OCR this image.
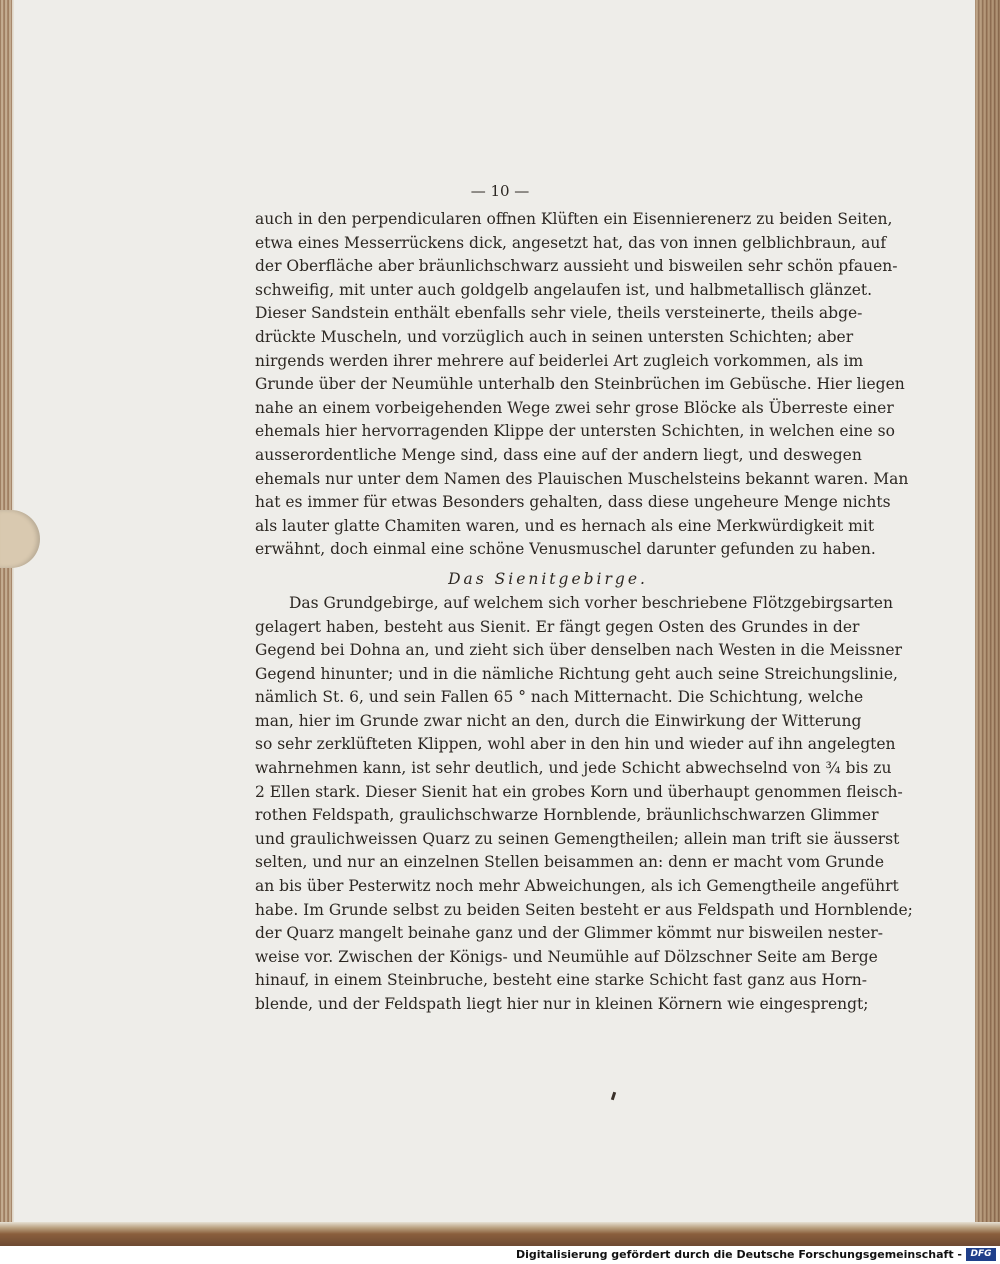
— 10 —
auch in den perpendicularen offnen Klüften ein Eisennierenerz zu beiden Seiten,
etwa eines Messerrückens dick, angesetzt hat, das von innen gelblichbraun, auf
der Oberfläche aber bräunlichschwarz aussieht und bisweilen sehr schön pfauen-
schweifig, mit unter auch goldgelb angelaufen ist, und halbmetallisch glänzet.
Dieser Sandstein enthält ebenfalls sehr viele, theils versteinerte, theils abge-
drückte Muscheln, und vorzüglich auch in seinen untersten Schichten; aber
nirgends werden ihrer mehrere auf beiderlei Art zugleich vorkommen, als im
Grunde über der Neumühle unterhalb den Steinbrüchen im Gebüsche. Hier liegen
nahe an einem vorbeigehenden Wege zwei sehr grose Blöcke als Überreste einer
ehemals hier hervorragenden Klippe der untersten Schichten, in welchen eine so
ausserordentliche Menge sind, dass eine auf der andern liegt, und deswegen
ehemals nur unter dem Namen des Plauischen Muschelsteins bekannt waren. Man
hat es immer für etwas Besonders gehalten, dass diese ungeheure Menge nichts
als lauter glatte Chamiten waren, und es hernach als eine Merkwürdigkeit mit
erwähnt, doch einmal eine schöne Venusmuschel darunter gefunden zu haben.
Das Sienitgebirge.
Das Grundgebirge, auf welchem sich vorher beschriebene Flötzgebirgsarten
gelagert haben, besteht aus Sienit. Er fängt gegen Osten des Grundes in der
Gegend bei Dohna an, und zieht sich über denselben nach Westen in die Meissner
Gegend hinunter; und in die nämliche Richtung geht auch seine Streichungslinie,
nämlich St. 6, und sein Fallen 65 ° nach Mitternacht. Die Schichtung, welche
man, hier im Grunde zwar nicht an den, durch die Einwirkung der Witterung
so sehr zerklüfteten Klippen, wohl aber in den hin und wieder auf ihn angelegten
wahrnehmen kann, ist sehr deutlich, und jede Schicht abwechselnd von ¾ bis zu
2 Ellen stark. Dieser Sienit hat ein grobes Korn und überhaupt genommen fleisch-
rothen Feldspath, graulichschwarze Hornblende, bräunlichschwarzen Glimmer
und graulichweissen Quarz zu seinen Gemengtheilen; allein man trift sie äusserst
selten, und nur an einzelnen Stellen beisammen an: denn er macht vom Grunde
an bis über Pesterwitz noch mehr Abweichungen, als ich Gemengtheile angeführt
habe. Im Grunde selbst zu beiden Seiten besteht er aus Feldspath und Hornblende;
der Quarz mangelt beinahe ganz und der Glimmer kömmt nur bisweilen nester-
weise vor. Zwischen der Königs- und Neumühle auf Dölzschner Seite am Berge
hinauf, in einem Steinbruche, besteht eine starke Schicht fast ganz aus Horn-
blende, und der Feldspath liegt hier nur in kleinen Körnern wie eingesprengt;
Digitalisierung gefördert durch die Deutsche Forschungsgemeinschaft - DFG
